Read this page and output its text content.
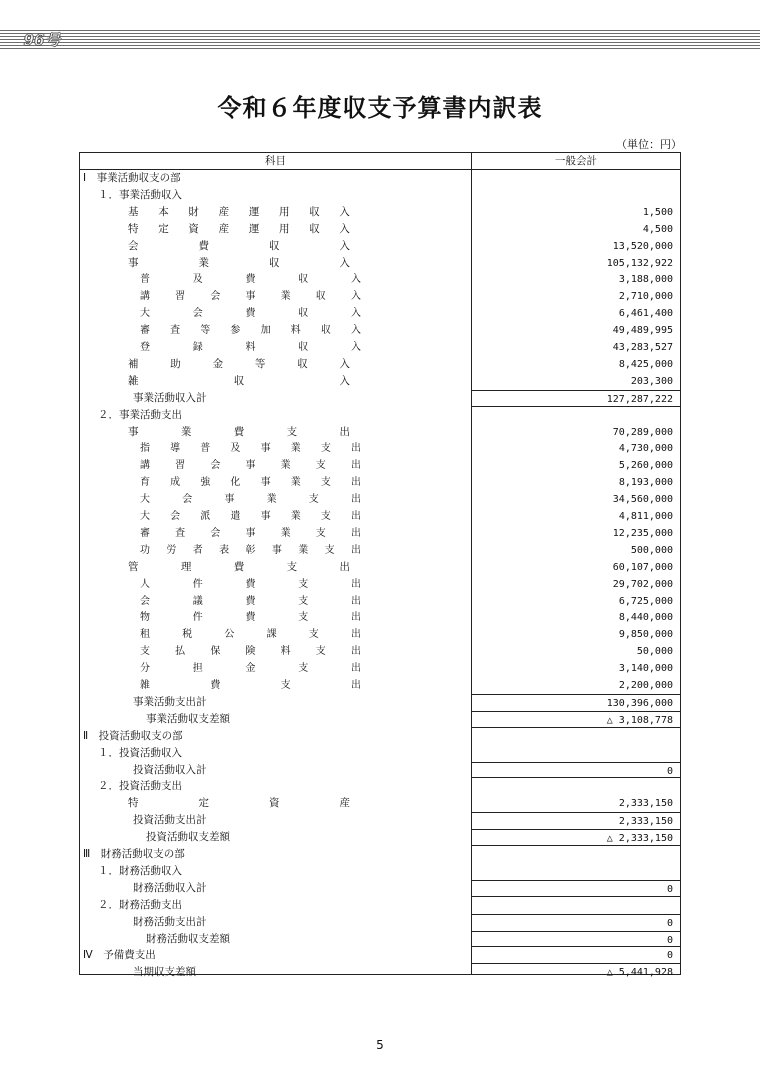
96号
令和６年度収支予算書内訳表
（単位：円）
科目	一般会計
Ⅰ　事業活動収支の部
１．事業活動収入
基 本 財 産 運 用 収 入	1,500
特 定 資 産 運 用 収 入	4,500
会	費	収	入	13,520,000
事	業	収	入	105,132,922
普	及	費	収	入	3,188,000
講	習	会	事	業	収	入	2,710,000
大	会	費	収	入	6,461,400
審 査 等 参 加 料 収 入	49,489,995
登	録	料	収	入	43,283,527
補	助	金	等	収	入	8,425,000
雑	収	入	203,300
事業活動収入計	127,287,222
２．事業活動支出
事	業	費	支	出	70,289,000
指 導 普 及 事 業 支 出	4,730,000
講	習	会	事	業	支	出	5,260,000
育 成 強 化 事 業 支 出	8,193,000
大	会	事	業	支	出	34,560,000
大 会 派 遣 事 業 支 出	4,811,000
審	査	会	事	業	支	出	12,235,000
功 労 者 表 彰 事 業 支 出	500,000
管	理	費	支	出	60,107,000
人	件	費	支	出	29,702,000
会	議	費	支	出	6,725,000
物	件	費	支	出	8,440,000
租	税	公	課	支	出	9,850,000
支	払	保	険	料	支	出	50,000
分	担	金	支	出	3,140,000
雑	費	支	出	2,200,000
事業活動支出計	130,396,000
事業活動収支差額	△ 3,108,778
Ⅱ　投資活動収支の部
１．投資活動収入
投資活動収入計	0
２．投資活動支出
特	定	資	産	2,333,150
投資活動支出計	2,333,150
投資活動収支差額	△ 2,333,150
Ⅲ　財務活動収支の部
１．財務活動収入
財務活動収入計	0
２．財務活動支出
財務活動支出計	0
財務活動収支差額	0
Ⅳ　予備費支出	0
当期収支差額	△ 5,441,928
5
